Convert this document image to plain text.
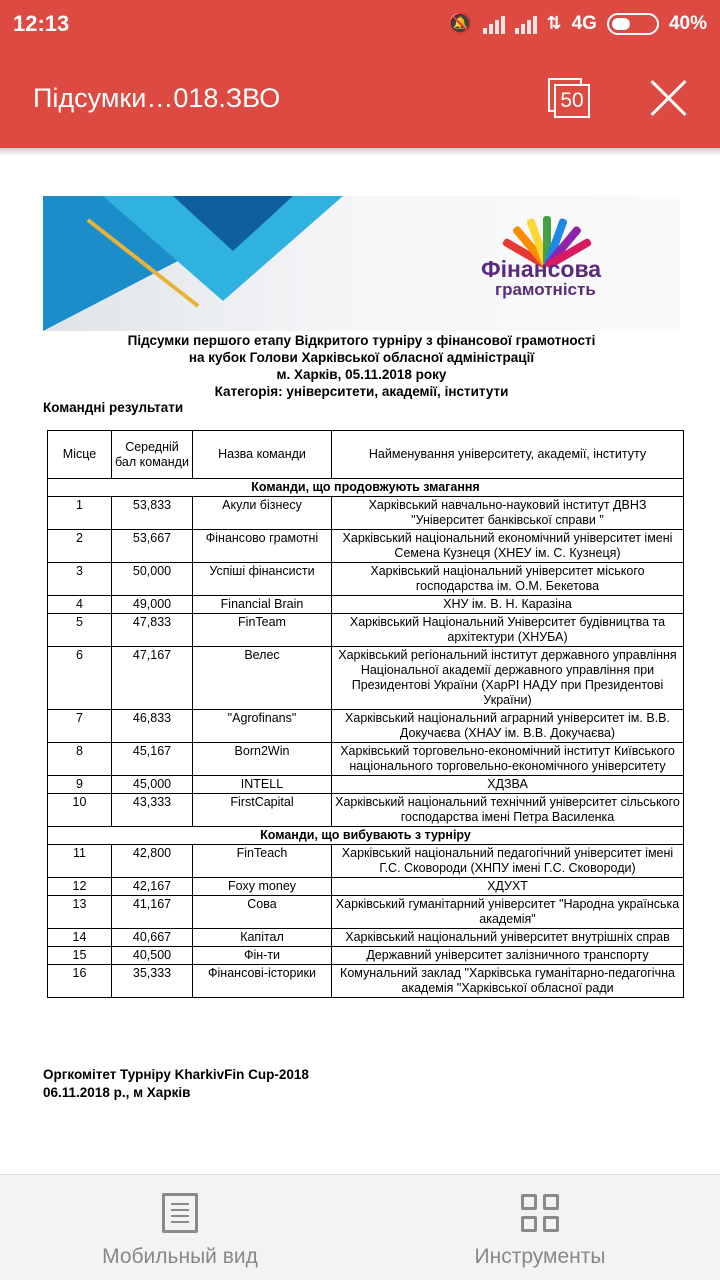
12:13	🔕	⇅ 4G	40%
Підсумки…018.ЗВО	50
Фінансова
грамотність
Підсумки першого етапу Відкритого турніру з фінансової грамотності
на кубок Голови Харківської обласної адміністрації
м. Харків, 05.11.2018 року
Категорія: університети, академії, інститути
Командні результати
Місце	Середній бал команди	Назва команди	Найменування університету, академії, інституту
Команди, що продовжують змагання			
1	53,833	Акули бізнесу	Харківський навчально-науковий інститут ДВНЗ "Університет банківської справи "
2	53,667	Фінансово грамотні	Харківський національний економічний університет імені Семена Кузнеця (ХНЕУ ім. С. Кузнеця)
3	50,000	Успіші фінансисти	Харківський національний університет міського господарства ім. О.М. Бекетова
4	49,000	Financial Brain	ХНУ ім. В. Н. Каразіна
5	47,833	FinTeam	Харківський Національний Університет будівництва та архітектури (ХНУБА)
6	47,167	Велес	Харківський регіональний інститут державного управління Національної академії державного управління при Президентові України (ХарРІ НАДУ при Президентові України)
7	46,833	"Agrofinans"	Харківський національний аграрний університет ім. В.В. Докучаєва (ХНАУ ім. В.В. Докучаєва)
8	45,167	Born2Win	Харківський торговельно-економічний інститут Київського національного торговельно-економічного університету
9	45,000	INTELL	ХДЗВА
10	43,333	FirstCapital	Харківський національний технічний університет сільського господарства імені Петра Василенка
Команди, що вибувають з турніру			
11	42,800	FinTeach	Харківський національний педагогічний університет імені Г.С. Сковороди (ХНПУ імені Г.С. Сковороди)
12	42,167	Foxy money	ХДУХТ
13	41,167	Сова	Харківський гуманітарний університет "Народна українська академія"
14	40,667	Капітал	Харківський національний університет внутрішніх справ
15	40,500	Фін-ти	Державний університет залізничного транспорту
16	35,333	Фінансові-історики	Комунальний заклад "Харківська гуманітарно-педагогічна академія "Харківської обласної ради
Оргкомітет Турніру KharkivFin Cup-2018
06.11.2018 р., м Харків
Мобильный вид	Инструменты
